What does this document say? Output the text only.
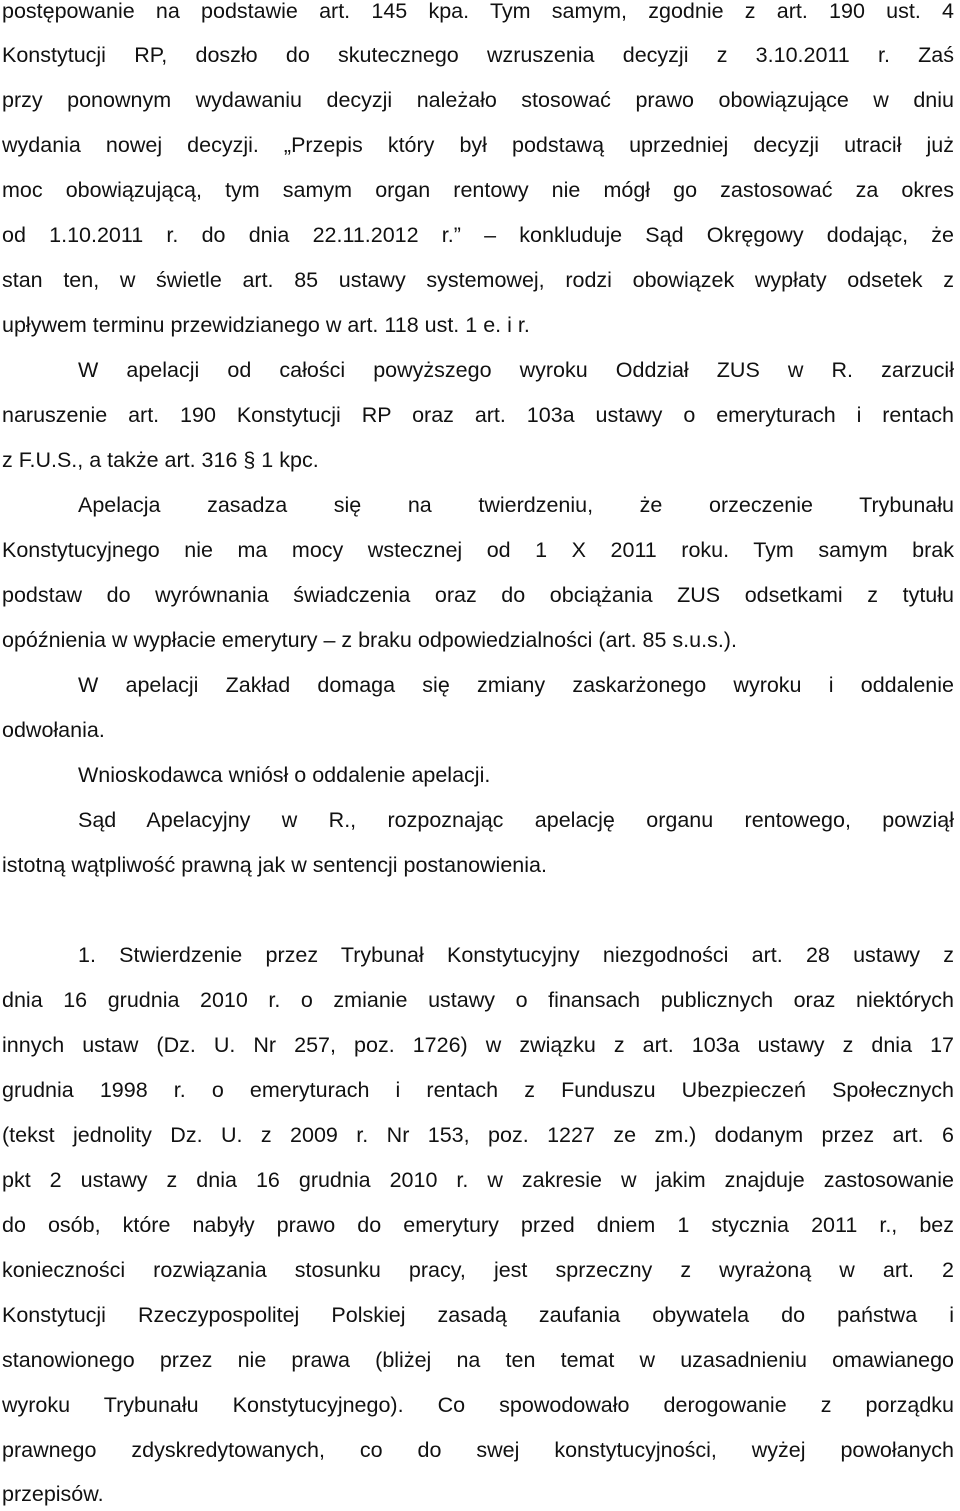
postępowanie na podstawie art. 145 kpa. Tym samym, zgodnie z art. 190 ust. 4
Konstytucji RP, doszło do skutecznego wzruszenia decyzji z 3.10.2011 r. Zaś
przy ponownym wydawaniu decyzji należało stosować prawo obowiązujące w dniu
wydania nowej decyzji. „Przepis który był podstawą uprzedniej decyzji utracił już
moc obowiązującą, tym samym organ rentowy nie mógł go zastosować za okres
od 1.10.2011 r. do dnia 22.11.2012 r.” – konkluduje Sąd Okręgowy dodając, że
stan ten, w świetle art. 85 ustawy systemowej, rodzi obowiązek wypłaty odsetek z
upływem terminu przewidzianego w art. 118 ust. 1 e. i r.
W apelacji od całości powyższego wyroku Oddział ZUS w R. zarzucił
naruszenie art. 190 Konstytucji RP oraz art. 103a ustawy o emeryturach i rentach
z F.U.S., a także art. 316 § 1 kpc.
Apelacja zasadza się na twierdzeniu, że orzeczenie Trybunału
Konstytucyjnego nie ma mocy wstecznej od 1 X 2011 roku. Tym samym brak
podstaw do wyrównania świadczenia oraz do obciążania ZUS odsetkami z tytułu
opóźnienia w wypłacie emerytury – z braku odpowiedzialności (art. 85 s.u.s.).
W apelacji Zakład domaga się zmiany zaskarżonego wyroku i oddalenie
odwołania.
Wnioskodawca wniósł o oddalenie apelacji.
Sąd Apelacyjny w R., rozpoznając apelację organu rentowego, powziął
istotną wątpliwość prawną jak w sentencji postanowienia.
1. Stwierdzenie przez Trybunał Konstytucyjny niezgodności art. 28 ustawy z
dnia 16 grudnia 2010 r. o zmianie ustawy o finansach publicznych oraz niektórych
innych ustaw (Dz. U. Nr 257, poz. 1726) w związku z art. 103a ustawy z dnia 17
grudnia 1998 r. o emeryturach i rentach z Funduszu Ubezpieczeń Społecznych
(tekst jednolity Dz. U. z 2009 r. Nr 153, poz. 1227 ze zm.) dodanym przez art. 6
pkt 2 ustawy z dnia 16 grudnia 2010 r. w zakresie w jakim znajduje zastosowanie
do osób, które nabyły prawo do emerytury przed dniem 1 stycznia 2011 r., bez
konieczności rozwiązania stosunku pracy, jest sprzeczny z wyrażoną w art. 2
Konstytucji Rzeczypospolitej Polskiej zasadą zaufania obywatela do państwa i
stanowionego przez nie prawa (bliżej na ten temat w uzasadnieniu omawianego
wyroku Trybunału Konstytucyjnego). Co spowodowało derogowanie z porządku
prawnego zdyskredytowanych, co do swej konstytucyjności, wyżej powołanych
przepisów.
